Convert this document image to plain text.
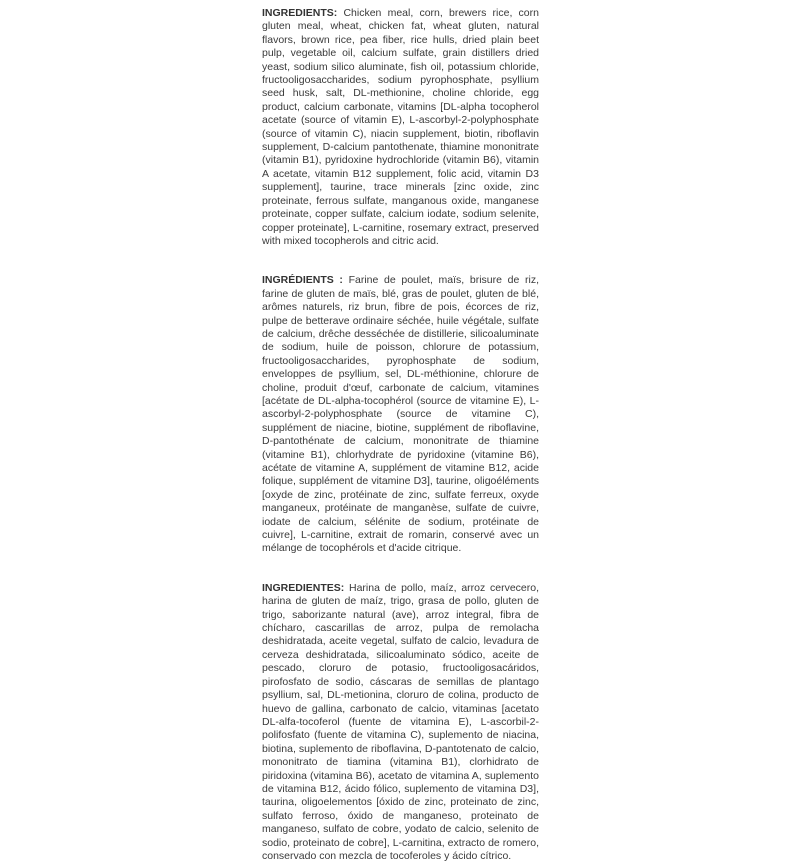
INGREDIENTS: Chicken meal, corn, brewers rice, corn gluten meal, wheat, chicken fat, wheat gluten, natural flavors, brown rice, pea fiber, rice hulls, dried plain beet pulp, vegetable oil, calcium sulfate, grain distillers dried yeast, sodium silico aluminate, fish oil, potassium chloride, fructooligosaccharides, sodium pyrophosphate, psyllium seed husk, salt, DL-methionine, choline chloride, egg product, calcium carbonate, vitamins [DL-alpha tocopherol acetate (source of vitamin E), L-ascorbyl-2-polyphosphate (source of vitamin C), niacin supplement, biotin, riboflavin supplement, D-calcium pantothenate, thiamine mononitrate (vitamin B1), pyridoxine hydrochloride (vitamin B6), vitamin A acetate, vitamin B12 supplement, folic acid, vitamin D3 supplement], taurine, trace minerals [zinc oxide, zinc proteinate, ferrous sulfate, manganous oxide, manganese proteinate, copper sulfate, calcium iodate, sodium selenite, copper proteinate], L-carnitine, rosemary extract, preserved with mixed tocopherols and citric acid.

INGRÉDIENTS : Farine de poulet, maïs, brisure de riz, farine de gluten de maïs, blé, gras de poulet, gluten de blé, arômes naturels, riz brun, fibre de pois, écorces de riz, pulpe de betterave ordinaire séchée, huile végétale, sulfate de calcium, drêche desséchée de distillerie, silicoaluminate de sodium, huile de poisson, chlorure de potassium, fructooligosaccharides, pyrophosphate de sodium, enveloppes de psyllium, sel, DL-méthionine, chlorure de choline, produit d'œuf, carbonate de calcium, vitamines [acétate de DL-alpha-tocophérol (source de vitamine E), L-ascorbyl-2-polyphosphate (source de vitamine C), supplément de niacine, biotine, supplément de riboflavine, D-pantothénate de calcium, mononitrate de thiamine (vitamine B1), chlorhydrate de pyridoxine (vitamine B6), acétate de vitamine A, supplément de vitamine B12, acide folique, supplément de vitamine D3], taurine, oligoéléments [oxyde de zinc, protéinate de zinc, sulfate ferreux, oxyde manganeux, protéinate de manganèse, sulfate de cuivre, iodate de calcium, sélénite de sodium, protéinate de cuivre], L-carnitine, extrait de romarin, conservé avec un mélange de tocophérols et d'acide citrique.

INGREDIENTES: Harina de pollo, maíz, arroz cervecero, harina de gluten de maíz, trigo, grasa de pollo, gluten de trigo, saborizante natural (ave), arroz integral, fibra de chícharo, cascarillas de arroz, pulpa de remolacha deshidratada, aceite vegetal, sulfato de calcio, levadura de cerveza deshidratada, silicoaluminato sódico, aceite de pescado, cloruro de potasio, fructooligosacáridos, pirofosfato de sodio, cáscaras de semillas de plantago psyllium, sal, DL-metionina, cloruro de colina, producto de huevo de gallina, carbonato de calcio, vitaminas [acetato DL-alfa-tocoferol (fuente de vitamina E), L-ascorbil-2-polifosfato (fuente de vitamina C), suplemento de niacina, biotina, suplemento de riboflavina, D-pantotenato de calcio, mononitrato de tiamina (vitamina B1), clorhidrato de piridoxina (vitamina B6), acetato de vitamina A, suplemento de vitamina B12, ácido fólico, suplemento de vitamina D3], taurina, oligoelementos [óxido de zinc, proteinato de zinc, sulfato ferroso, óxido de manganeso, proteinato de manganeso, sulfato de cobre, yodato de calcio, selenito de sodio, proteinato de cobre], L-carnitina, extracto de romero, conservado con mezcla de tocoferoles y ácido cítrico.
